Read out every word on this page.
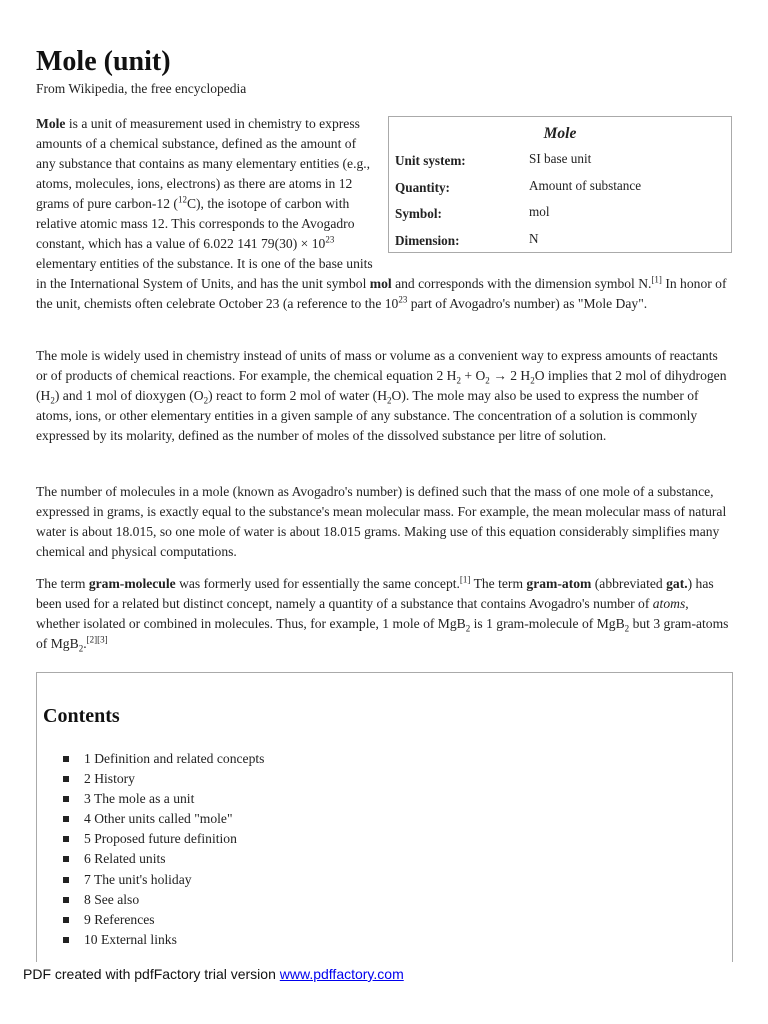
Mole (unit)
From Wikipedia, the free encyclopedia
Mole
Unit system:	SI base unit
Quantity:	Amount of substance
Symbol:	mol
Dimension:	N

Mole is a unit of measurement used in chemistry to express amounts of a chemical substance, defined as the amount of any substance that contains as many elementary entities (e.g., atoms, molecules, ions, electrons) as there are atoms in 12 grams of pure carbon-12 ($^{12}$C), the isotope of carbon with relative atomic mass 12. This corresponds to the Avogadro constant, which has a value of 6.022 141 $79(30) \times 10^{23}$ elementary entities of the substance. It is one of the base units in the International System of Units, and has the unit symbol mol and corresponds with the dimension symbol N.[1] In honor of the unit, chemists often celebrate October 23 (a reference to the $10^{23}$ part of Avogadro's number) as "Mole Day".

The mole is widely used in chemistry instead of units of mass or volume as a convenient way to express amounts of reactants or of products of chemical reactions. For example, the chemical equation 2 $H_2 + O_2 \to 2$ $H_2O$ implies that 2 mol of dihydrogen $(H_2)$ and 1 mol of dioxygen $(O_2)$ react to form 2 mol of water $(H_2O)$. The mole may also be used to express the number of atoms, ions, or other elementary entities in a given sample of any substance. The concentration of a solution is commonly expressed by its molarity, defined as the number of moles of the dissolved substance per litre of solution.

The number of molecules in a mole (known as Avogadro's number) is defined such that the mass of one mole of a substance, expressed in grams, is exactly equal to the substance's mean molecular mass. For example, the mean molecular mass of natural water is about 18.015, so one mole of water is about 18.015 grams. Making use of this equation considerably simplifies many chemical and physical computations.

The term gram-molecule was formerly used for essentially the same concept.[1] The term gram-atom (abbreviated gat.) has been used for a related but distinct concept, namely a quantity of a substance that contains Avogadro's number of atoms, whether isolated or combined in molecules. Thus, for example, 1 mole of MgB$_2$ is 1 gram-molecule of MgB$_2$ but 3 gram-atoms of MgB$_2$.[2][3]

Contents
1 Definition and related concepts
2 History
3 The mole as a unit
4 Other units called "mole"
5 Proposed future definition
6 Related units
7 The unit's holiday
8 See also
9 References
10 External links
PDF created with pdfFactory trial version www.pdffactory.com
